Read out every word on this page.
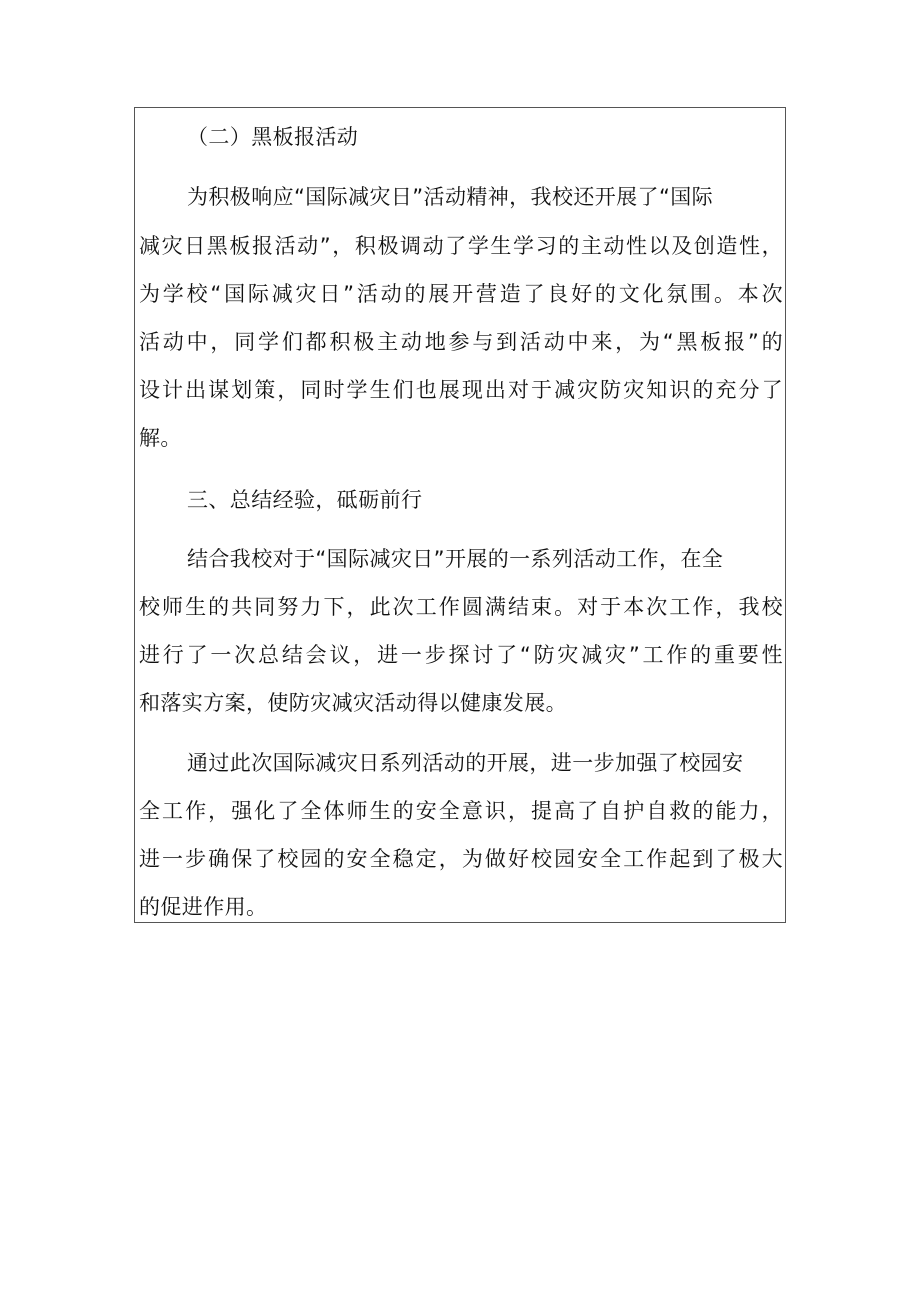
（二）黑板报活动
为积极响应“国际减灾日”活动精神，我校还开展了“国际
减灾日黑板报活动”，积极调动了学生学习的主动性以及创造性，
为学校“国际减灾日”活动的展开营造了良好的文化氛围。本次
活动中，同学们都积极主动地参与到活动中来，为“黑板报”的
设计出谋划策，同时学生们也展现出对于减灾防灾知识的充分了
解。
三、总结经验，砥砺前行
结合我校对于“国际减灾日”开展的一系列活动工作，在全
校师生的共同努力下，此次工作圆满结束。对于本次工作，我校
进行了一次总结会议，进一步探讨了“防灾减灾”工作的重要性
和落实方案，使防灾减灾活动得以健康发展。
通过此次国际减灾日系列活动的开展，进一步加强了校园安
全工作，强化了全体师生的安全意识，提高了自护自救的能力，
进一步确保了校园的安全稳定，为做好校园安全工作起到了极大
的促进作用。
